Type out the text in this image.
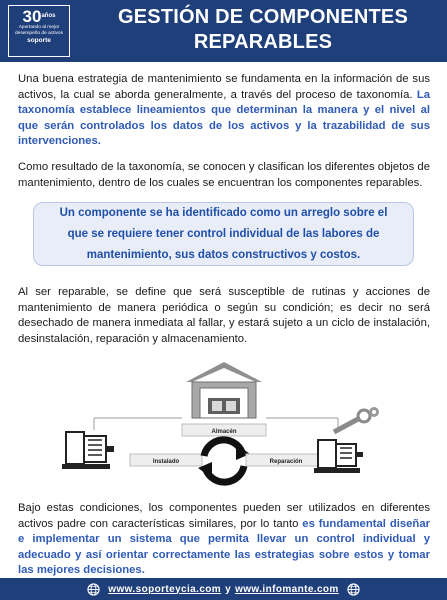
$30^{años}$
Aportando al mejor
desempeño de activos
soporte
GESTIÓN DE COMPONENTES
REPARABLES

Una buena estrategia de mantenimiento se fundamenta en la información de sus activos, la cual se aborda generalmente, a través del proceso de taxonomía. La taxonomía establece lineamientos que determinan la manera y el nivel al que serán controlados los datos de los activos y la trazabilidad de sus intervenciones.

Como resultado de la taxonomía, se conocen y clasifican los diferentes objetos de mantenimiento, dentro de los cuales se encuentran los componentes reparables.

Un componente se ha identificado como un arreglo sobre el que se requiere tener control individual de las labores de mantenimiento, sus datos constructivos y costos.

Al ser reparable, se define que será susceptible de rutinas y acciones de mantenimiento de manera periódica o según su condición; es decir no será desechado de manera inmediata al fallar, y estará sujeto a un ciclo de instalación, desinstalación, reparación y almacenamiento.

Almacén
Instalado	Reparación

Bajo estas condiciones, los componentes pueden ser utilizados en diferentes activos padre con características similares, por lo tanto es fundamental diseñar e implementar un sistema que permita llevar un control individual y adecuado y así orientar correctamente las estrategias sobre estos y tomar las mejores decisiones.

www.soporteycia.com y www.infomante.com
